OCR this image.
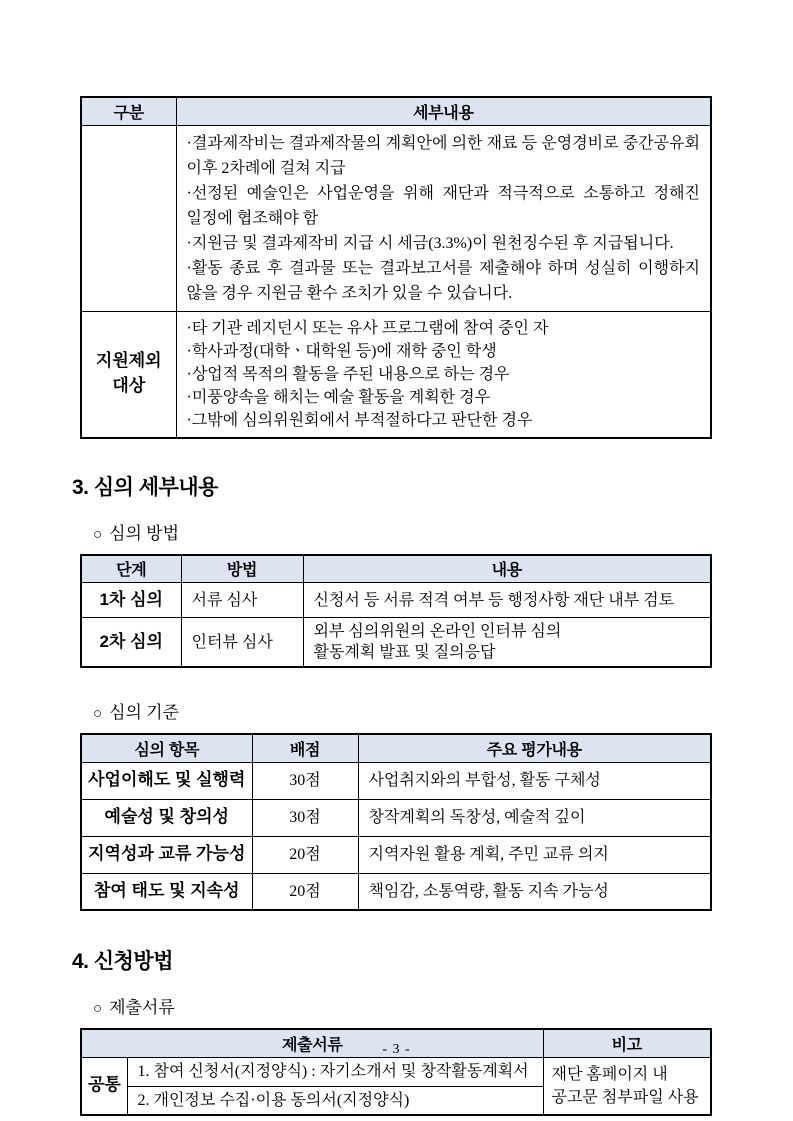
구분	세부내용

	·결과제작비는 결과제작물의 계획안에 의한 재료 등 운영경비로 중간공유회 이후 2차례에 걸쳐 지급
·선정된 예술인은 사업운영을 위해 재단과 적극적으로 소통하고 정해진 일정에 협조해야 함
·지원금 및 결과제작비 지급 시 세금(3.3%)이 원천징수된 후 지급됩니다.
·활동 종료 후 결과물 또는 결과보고서를 제출해야 하며 성실히 이행하지 않을 경우 지원금 환수 조치가 있을 수 있습니다.

지원제외 대상	·타 기관 레지던시 또는 유사 프로그램에 참여 중인 자
·학사과정(대학ㆍ대학원 등)에 재학 중인 학생
·상업적 목적의 활동을 주된 내용으로 하는 경우
·미풍양속을 해치는 예술 활동을 계획한 경우
·그밖에 심의위원회에서 부적절하다고 판단한 경우
3. 심의 세부내용
○ 심의 방법
단계	방법	내용
1차 심의	서류 심사	신청서 등 서류 적격 여부 등 행정사항 재단 내부 검토

2차 심의	인터뷰 심사	외부 심의위원의 온라인 인터뷰 심의
활동계획 발표 및 질의응답
○ 심의 기준
심의 항목	배점	주요 평가내용
사업이해도 및 실행력	30점	사업취지와의 부합성, 활동 구체성
예술성 및 창의성	30점	창작계획의 독창성, 예술적 깊이
지역성과 교류 가능성	20점	지역자원 활용 계획, 주민 교류 의지
참여 태도 및 지속성	20점	책임감, 소통역량, 활동 지속 가능성
4. 신청방법
○ 제출서류
제출서류		비고
공통	1. 참여 신청서(지정양식) : 자기소개서 및 창작활동계획서	재단 홈페이지 내 공고문 첨부파일 사용
	2. 개인정보 수집·이용 동의서(지정양식)	
- 3 -
